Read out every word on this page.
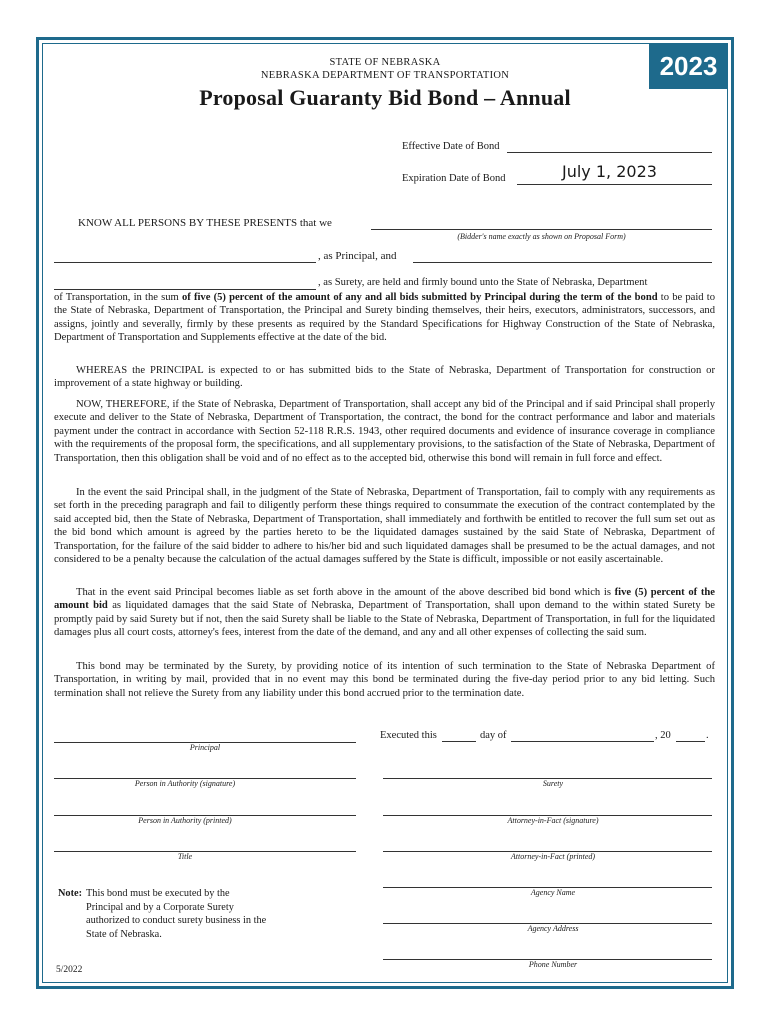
2023
STATE OF NEBRASKA
NEBRASKA DEPARTMENT OF TRANSPORTATION
Proposal Guaranty Bid Bond – Annual
Effective Date of Bond
Expiration Date of Bond	July 1, 2023
KNOW ALL PERSONS BY THESE PRESENTS that we
(Bidder's name exactly as shown on Proposal Form)
, as Principal, and
, as Surety, are held and firmly bound unto the State of Nebraska, Department

of Transportation, in the sum of five (5) percent of the amount of any and all bids submitted by Principal during the term of the bond to be paid to the State of Nebraska, Department of Transportation, the Principal and Surety binding themselves, their heirs, executors, administrators, successors, and assigns, jointly and severally, firmly by these presents as required by the Standard Specifications for Highway Construction of the State of Nebraska, Department of Transportation and Supplements effective at the date of the bid.

WHEREAS the PRINCIPAL is expected to or has submitted bids to the State of Nebraska, Department of Transportation for construction or improvement of a state highway or building.

NOW, THEREFORE, if the State of Nebraska, Department of Transportation, shall accept any bid of the Principal and if said Principal shall properly execute and deliver to the State of Nebraska, Department of Transportation, the contract, the bond for the contract performance and labor and materials payment under the contract in accordance with Section 52-118 R.R.S. 1943, other required documents and evidence of insurance coverage in compliance with the requirements of the proposal form, the specifications, and all supplementary provisions, to the satisfaction of the State of Nebraska, Department of Transportation, then this obligation shall be void and of no effect as to the accepted bid, otherwise this bond will remain in full force and effect.

In the event the said Principal shall, in the judgment of the State of Nebraska, Department of Transportation, fail to comply with any requirements as set forth in the preceding paragraph and fail to diligently perform these things required to consummate the execution of the contract contemplated by the said accepted bid, then the State of Nebraska, Department of Transportation, shall immediately and forthwith be entitled to recover the full sum set out as the bid bond which amount is agreed by the parties hereto to be the liquidated damages sustained by the said State of Nebraska, Department of Transportation, for the failure of the said bidder to adhere to his/her bid and such liquidated damages shall be presumed to be the actual damages, and not considered to be a penalty because the calculation of the actual damages suffered by the State is difficult, impossible or not easily ascertainable.

That in the event said Principal becomes liable as set forth above in the amount of the above described bid bond which is five (5) percent of the amount bid as liquidated damages that the said State of Nebraska, Department of Transportation, shall upon demand to the within stated Surety be promptly paid by said Surety but if not, then the said Surety shall be liable to the State of Nebraska, Department of Transportation, in full for the liquidated damages plus all court costs, attorney's fees, interest from the date of the demand, and any and all other expenses of collecting the said sum.

This bond may be terminated by the Surety, by providing notice of its intention of such termination to the State of Nebraska Department of Transportation, in writing by mail, provided that in no event may this bond be terminated during the five-day period prior to any bid letting. Such termination shall not relieve the Surety from any liability under this bond accrued prior to the termination date.

Executed this	day of	, 20	.
Principal
Person in Authority (signature)
Person in Authority (printed)
Title
Surety
Attorney-in-Fact (signature)
Attorney-in-Fact (printed)
Agency Name
Agency Address
Phone Number
Note: This bond must be executed by the Principal and by a Corporate Surety authorized to conduct surety business in the State of Nebraska.
5/2022
